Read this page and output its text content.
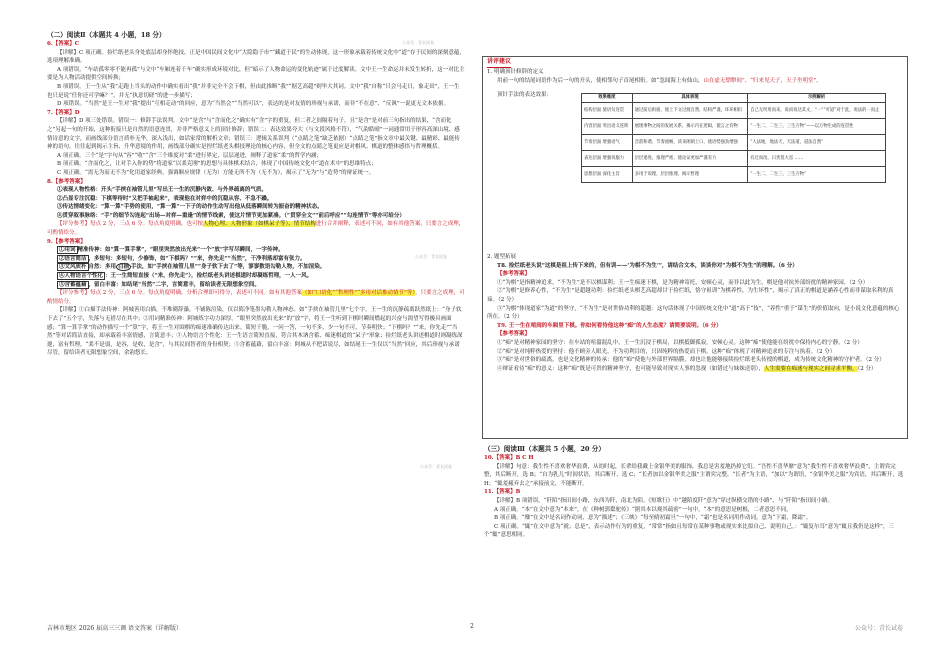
（二）阅读Ⅱ（本题共 4 小题，18 分）

6.【答案】C

【详解】C 项正确。捡烂纸老头身处底层却身怀绝技，正是中国民间文化中“大隐隐于市”“藏道于民”的生动体现，这一形象承载着传统文化中“道”存于民间的深刻意蕴，选项理解准确。

A 项错误。“车站孤零零不能再孤”与文中“车厢连着千车”确实形成环境对比，但“暗示了人物命运的变化轨迹”属于过度解读。文中王一生命运并未发生转折，这一对比主要是为人物活动提供空间转换；

B 项错误。王一生从“我”走跑上当头的动作中确实看出“我”并非完全不会下棋，但由此推断“我”“据艺高超”则毕大其词。文中“我”自称“只会马走日，象走田”，王一生也只是说“任你还可学嘛？”，并无“执意切磋”的进一步描写；

D 项错误。“当然”是王一生对“我”提出“互相走动”的回应，意为“当然会”“当然可以”，表达的是对友情的珍视与承诺，而非“不在意”、“反讽”一说更无文本依据。

7.【答案】D

【详解】D 项三处错误。错误一：修辞手法误判。文中“是含”与“含而化之”确实有“含”字的重复，但二者之间隔着句子，且“是含”是对前三句指出的结果，“含而化之”另起一句的开始，这种衔接只是自然的语意连贯，并非严格意义上的顶针修辞；错误二：表达效果夸大（与文段风格不符），“气韵皓晴”一词通常用于形容高深山境、感情诗意的文字，而画线部分语言质朴无华，深入浅出，如话家常的解析文章；错误三：逻辑关系误判（“点睛之笔”缺乏依据）“点睛之笔”指文章中最关键、最精彩、最能传神的语句，往往起到揭示主旨、升华意境的作用，画线部分确实是捏烂纸老头棋技理论的核心内容，但全文的点睛之笔更应是对棋风、棋道的整体感悟与哲理概括。

A 项正确。三个“是”字句从“容”“收”“含”三个维度对“柔”进行界定，层层递进，阐释了道家“柔”的哲学内涵；

B 项正确。“含而化之，让对手入你的势”将道家“以柔克刚”的思想与具体棋术结合，体现了中国传统文化中“道在术中”的思维特点；

C 项正确。“需无为而无不为”化用道家经典，强调顺应规律（无为）方能无所不为（无不为），揭示了“无为”与“造势”的辩证统一。

8.【参考答案】

①表现人物性格：开头“手挟在袖管儿里”写出王一生的沉静内敛、与外界疏离的气质。

②凸显专注沉稳：下棋等待时“又把手袖起来”，表现他在对弈中的沉稳从容、不急不躁。

③传达情绪变化：“算一算”手势的使用，“算一算”一下子的动作生动写出他从低落瞬间转为振奋的精神状态。

④贯穿叙事脉络：“手”的细节勾连起“出场—对弈—重逢”的情节线索，使这片情节更加紧凑。（“贯穿全文”“前后呼应”“勾连情节”等亦可给分）

【评分参考】每点 2 分，三点 6 分。每点角度明确，也可按人物心理、人物形象（如棋呆子等）、情节结构进行合并阐释，表述可不同，如有其他答案，只要言之成理，可酌情给分。

9.【参考答案】

①用词 精准传神：如“算一算手掌”，“眼里突然放出光来”一个“放”字写尽瞬间，一字传神。

②语言简洁 ，多短句：多短句，少修饰，如“下棋吗？”“来，你先走”“当然”，干净利落却富有张力。

③文风质朴 自然：多用 白描 手法，如“手挟在袖管儿里”“身子软下去了”等，寥寥数语勾勒人物，不加渲染。

④人物语言个性化 ：王一生简短直接（“来，你先走”），捡烂纸老头讲述棋道时却凝练哲理，一人一风。

⑤含蓄蕴藉 ，留白丰富：如结尾“当然”二字，言简意丰，留给读者无限想象空间。

【评分参考】每点 2 分，三点 6 分。每点角度明确，分析合理即可得分，表述可不同。如有其他答案（如“口语化”“哲理性”“多用对话推动情节”等），只要言之成理，可酌情给分。

【详解】①白描手法传神：阿城善用白描，不堆砌辞藻，不铺陈渲染，仅以简净笔墨勾勒人物神态。如“手挟在袖管儿里”七个字，王一生的沉静疏离跃然纸上：“身子软下去了”五个字，失落与无措尽在其中；②用词精准传神：阿城炼字功力深厚。“眼里突然放出光来”的“放”字，将王一生听到下棋时瞬间燃起的兴奋与渴望写得极具画面感；“算一算手掌”的动作描写一个“算”字，将王一生对围棋的痴迷准确传达出来。简短干脆，一问一答，一句不多，少一句不可，节奏明快；“下棋吗？”“来，你先走”“当然”等对话简洁直接，却承载着丰富情感，言简意丰；③人物语言个性化：王一生语言简短直接，符合其木讷含蓄、痴迷棋道的“呆子”形象；捡烂纸老头讲述棋道时则凝练深邃，富有哲理，“柔不是弱，是容，是收，是含”，与其民间智者的身份相契；⑤含蓄蕴藉，留白丰富：阿城从不把话说尽，如结尾王一生仅以“当然”回应，其后珍视与承诺尽管，留给读者无限想象空间，余韵悠长。

讲评建议

1. 明确顶针修辞的定义

用前一句的结尾词语作为后一句的开头，使相邻句子首尾相衔。如“忽闻海上有仙山，山在虚无缥缈间”、“归来见天子，天子坐明堂”。

顶针手法的表达效果：	效果维度	具体表现	示例解析
结构层面 使语句连贯	通过前后衔接，使上下文过渡自然，结构严谨，环环相扣	自己无所用而来，说而说达其文，“一”“可道”对于此，说法的一而止
内容层面 突出语义连锁	展现事物之间的发展关系，揭示内在逻辑，使言之有物	“一生二，二生三，三生万物”——以万物生成的连贯性
节奏层面 增强语气	音韵和谐，节奏流畅，读来朗朗上口，使语势强劲增强	“人法地，地法天，天法道，道法自然”
表达层面 增强说服力	层层递进，推理严密，使论证更加严谨有力	有过而改，曰善莫大焉 ……
思想层面 深化主旨	多用于说理，层层推理，揭示哲理	“一生二，二生三，三生万物”

2. 题型拓展

T8. 捡烂纸老头说“这棋是祖上传下来的，但有训——‘为棋不为生’”，请结合文本，谈谈你对“为棋不为生”的理解。（6 分）

【参考答案】

①“为棋”是指精神追求，“不为生”是不以棋谋利；王一生痴迷下棋，是为精神寄托，安顿心灵，而非以此为生。棋是他对抗外部纷扰的精神家园。（2 分）

②“为棋”是修养心性，“不为生”是超越功利：捡烂纸老头棋艺高超却甘于捡烂纸，恪守祖训“为棋养性，为生坏性”，揭示了真正的棋道是涵养心性而非谋取名利的真谛。（2 分）

③“为棋”体现道家“为道”的坚守，“不为生”是对世俗功利的超越：这句话体现了中国传统文化中“道”高于“技”，“养性”重于“谋生”的价值取向，是小说文化意蕴的核心所在。（2 分）

T9. 王一生在喧闹的车厢里下棋。你如何看待他这种“痴”的人生态度？请简要说明。（6 分）

【参考答案】

①“痴”是对精神家园的坚守：在车站的喧嚣混乱中，王一生沉浸于棋局，以棋抵御孤寂，安顿心灵。这种“痴”使他能在纷扰中保持内心的宁静。（2 分）

②“痴”是对纯粹热爱的坚持：他不顾旁人眼光，不为功利目的，只因纯粹的热爱而下棋。这种“痴”体现了对精神追求的专注与执着。（2 分）

③“痴”是对世俗的疏离，也是文化精神的传承：他的“痴”使他与外部世界隔膜，却也让他能够接续捡烂纸老头传授的棋道，成为传统文化精神的守护者。（2 分）

④辩证看待“痴”的意义：这种“痴”既是可贵的精神坚守，也可能导致对现实人事的忽视（如错过与妹妹送别），人生需要在痴迷与现实之间寻求平衡。（2 分）

（三）阅读Ⅲ（本题共 5 小题，20 分）

10.【答案】B C H

【详解】句意：我生性不喜欢奢华浪费，从幼时起，长辈给我戴上金银华美的服饰，我总是害羞地扔掉它们。“吾性不喜华靡”意为“我生性不喜欢奢华浪费”，主谓宾完整，其后断开，选 B；“自为乳儿”时间状语，其后断开，选 C；“长者加以金银华美之服”主谓宾完整，“长者”为主语，“加以”为谓语，“金银华美之服”为宾语，其后断开，选 H；“辄羞赧弃去之”承接前文，不能断开。

11.【答案】B

【详解】B 项错误。“阡陌”指田间小路，东西为阡，南北为陌。《短歌行》中“越陌度阡”意为“穿过纵横交错的小路”，与“阡陌”指田间小路。

A 项正确。“本”在文中意为“本来”，在《种树郭橐驼传》“据其本以观其疏密”一句中，“本”的意思是树根，二者意思不同。

B 项正确。“靡”在文中是名词作动词，意为“描述”；《三峡》“每至晴初霜旦”一句中，“霜”也是名词用作动词，意为“下霜，降霜”。

C 项正确。“辄”在文中意为“就；总是”，表示动作行为的重复，“常常”指如且每常在某种事物或现实来比拟自己、说明自己。：“辄复尔耳”意为“辄且我仍是这样”，三个“辄”意思相同。

公众号：青长试卷
公众号：青长试卷
公众号：青长试卷
吉林市地区 2026 届高三三调 语文答案（详解版）	2	公众号：青长试卷
